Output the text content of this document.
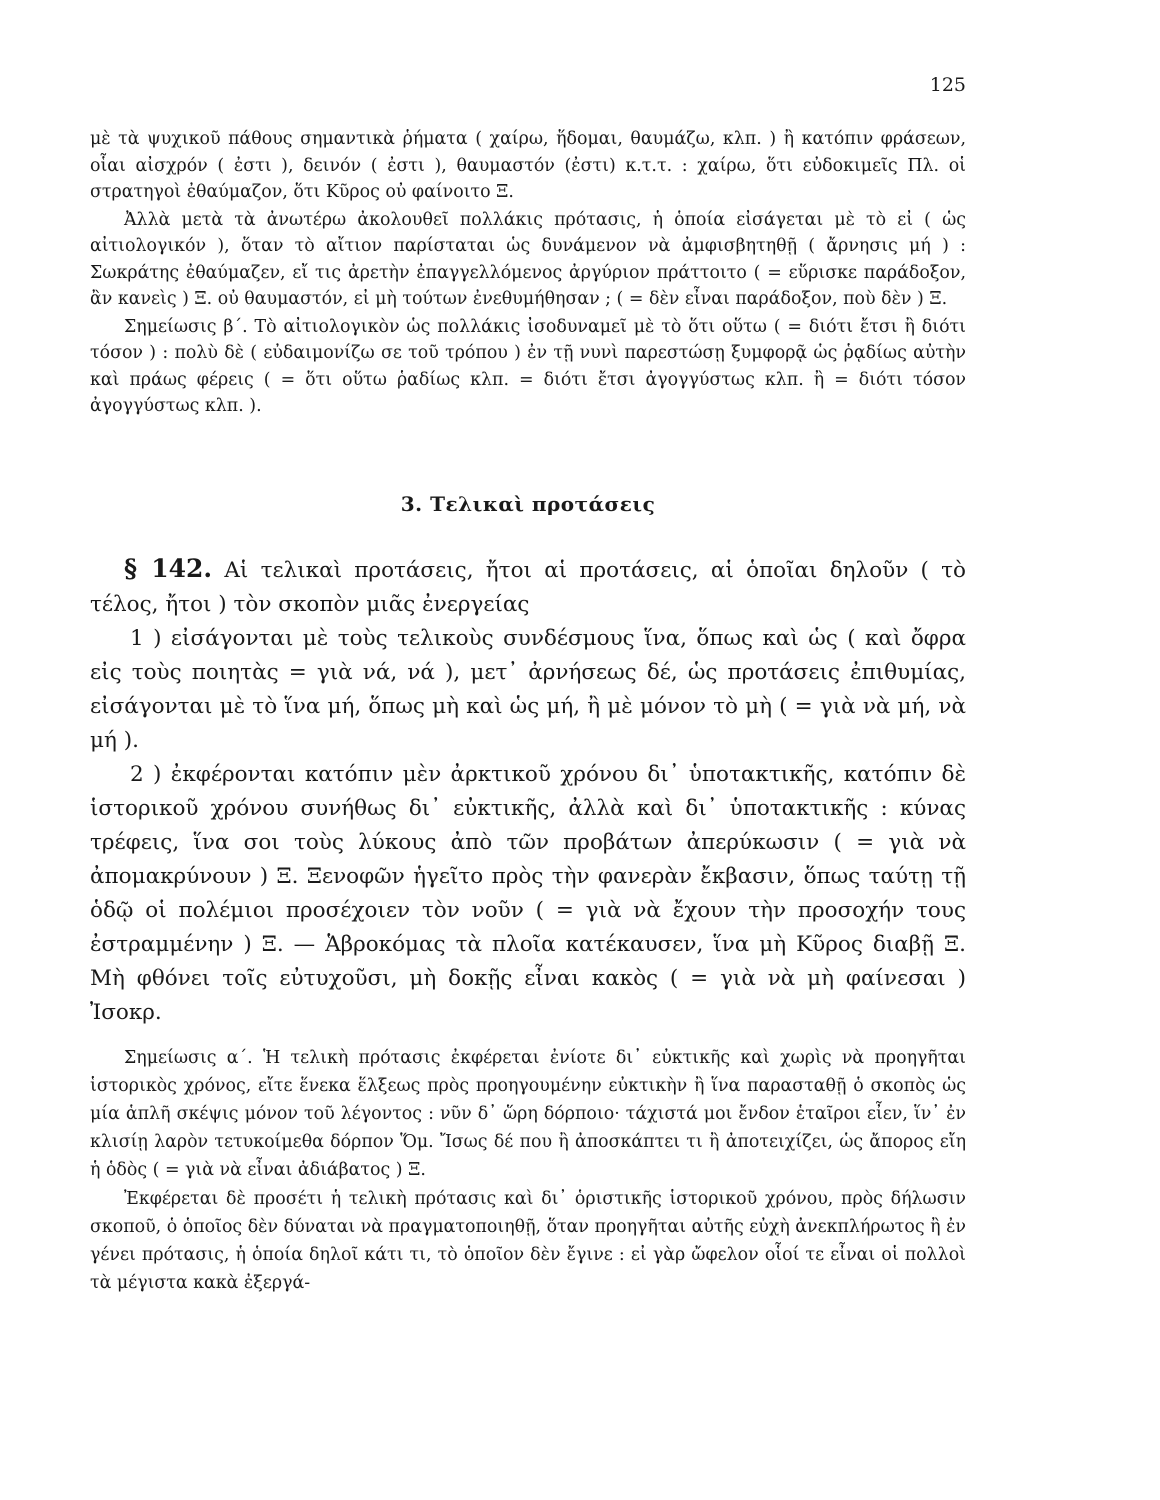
125

μὲ τὰ ψυχικοῦ πάθους σημαντικὰ ῥήματα ( χαίρω, ἥδομαι, θαυμάζω, κλπ. ) ἢ κατόπιν φράσεων, οἷαι αἰσχρόν ( ἐστι ), δεινόν ( ἐστι ), θαυμαστόν (ἐστι) κ.τ.τ. : χαίρω, ὅτι εὐδοκιμεῖς Πλ. οἱ στρατηγοὶ ἐθαύμαζον, ὅτι Κῦρος οὐ φαίνοιτο Ξ.

Ἀλλὰ μετὰ τὰ ἀνωτέρω ἀκολουθεῖ πολλάκις πρότασις, ἡ ὁποία εἰσάγεται μὲ τὸ εἰ ( ὡς αἰτιολογικόν ), ὅταν τὸ αἴτιον παρίσταται ὡς δυνάμενον νὰ ἀμφισβητηθῇ ( ἄρνησις μή ) : Σωκράτης ἐθαύμαζεν, εἴ τις ἀρετὴν ἐπαγγελλόμενος ἀργύριον πράττοιτο ( = εὕρισκε παράδοξον, ἂν κανεὶς ) Ξ. οὐ θαυμαστόν, εἰ μὴ τούτων ἐνεθυμήθησαν ; ( = δὲν εἶναι παράδοξον, ποὺ δὲν ) Ξ.

Σημείωσις β΄. Τὸ αἰτιολογικὸν ὡς πολλάκις ἰσοδυναμεῖ μὲ τὸ ὅτι οὕτω ( = διότι ἔτσι ἢ διότι τόσον ) : πολὺ δὲ ( εὐδαιμονίζω σε τοῦ τρόπου ) ἐν τῇ νυνὶ παρεστώσῃ ξυμφορᾷ ὡς ῥᾳδίως αὐτὴν καὶ πράως φέρεις ( = ὅτι οὕτω ῥαδίως κλπ. = διότι ἔτσι ἀγογγύστως κλπ. ἢ = διότι τόσον ἀγογγύστως κλπ. ).

3. Τελικαὶ προτάσεις

§ 142. Αἱ τελικαὶ προτάσεις, ἤτοι αἱ προτάσεις, αἱ ὁποῖαι δηλοῦν ( τὸ τέλος, ἤτοι ) τὸν σκοπὸν μιᾶς ἐνεργείας

1 ) εἰσάγονται μὲ τοὺς τελικοὺς συνδέσμους ἵνα, ὅπως καὶ ὡς ( καὶ ὄφρα εἰς τοὺς ποιητὰς = γιὰ νά, νά ), μετ᾽ ἀρνήσεως δέ, ὡς προτάσεις ἐπιθυμίας, εἰσάγονται μὲ τὸ ἵνα μή, ὅπως μὴ καὶ ὡς μή, ἢ μὲ μόνον τὸ μὴ ( = γιὰ νὰ μή, νὰ μή ).

2 ) ἐκφέρονται κατόπιν μὲν ἀρκτικοῦ χρόνου δι᾽ ὑποτακτικῆς, κατόπιν δὲ ἱστορικοῦ χρόνου συνήθως δι᾽ εὐκτικῆς, ἀλλὰ καὶ δι᾽ ὑποτακτικῆς : κύνας τρέφεις, ἵνα σοι τοὺς λύκους ἀπὸ τῶν προβάτων ἀπερύκωσιν ( = γιὰ νὰ ἀπομακρύνουν ) Ξ. Ξενοφῶν ἡγεῖτο πρὸς τὴν φανερὰν ἔκβασιν, ὅπως ταύτῃ τῇ ὁδῷ οἱ πολέμιοι προσέχοιεν τὸν νοῦν ( = γιὰ νὰ ἔχουν τὴν προσοχήν τους ἐστραμμένην ) Ξ. — Ἁβροκόμας τὰ πλοῖα κατέκαυσεν, ἵνα μὴ Κῦρος διαβῇ Ξ. Μὴ φθόνει τοῖς εὐτυχοῦσι, μὴ δοκῇς εἶναι κακὸς ( = γιὰ νὰ μὴ φαίνεσαι ) Ἰσοκρ.

Σημείωσις α΄. Ἡ τελικὴ πρότασις ἐκφέρεται ἐνίοτε δι᾽ εὐκτικῆς καὶ χωρὶς νὰ προηγῆται ἱστορικὸς χρόνος, εἴτε ἕνεκα ἕλξεως πρὸς προηγουμένην εὐκτικὴν ἢ ἵνα παρασταθῇ ὁ σκοπὸς ὡς μία ἁπλῆ σκέψις μόνον τοῦ λέγοντος : νῦν δ᾽ ὥρη δόρποιο· τάχιστά μοι ἔνδον ἑταῖροι εἶεν, ἵν᾽ ἐν κλισίῃ λαρὸν τετυκοίμεθα δόρπον Ὅμ. Ἴσως δέ που ἢ ἀποσκάπτει τι ἢ ἀποτειχίζει, ὡς ἄπορος εἴη ἡ ὁδὸς ( = γιὰ νὰ εἶναι ἀδιάβατος ) Ξ.

Ἐκφέρεται δὲ προσέτι ἡ τελικὴ πρότασις καὶ δι᾽ ὁριστικῆς ἱστορικοῦ χρόνου, πρὸς δήλωσιν σκοποῦ, ὁ ὁποῖος δὲν δύναται νὰ πραγματοποιηθῇ, ὅταν προηγῆται αὐτῆς εὐχὴ ἀνεκπλήρωτος ἢ ἐν γένει πρότασις, ἡ ὁποία δηλοῖ κάτι τι, τὸ ὁποῖον δὲν ἔγινε : εἰ γὰρ ὤφελον οἷοί τε εἶναι οἱ πολλοὶ τὰ μέγιστα κακὰ ἐξεργά-
